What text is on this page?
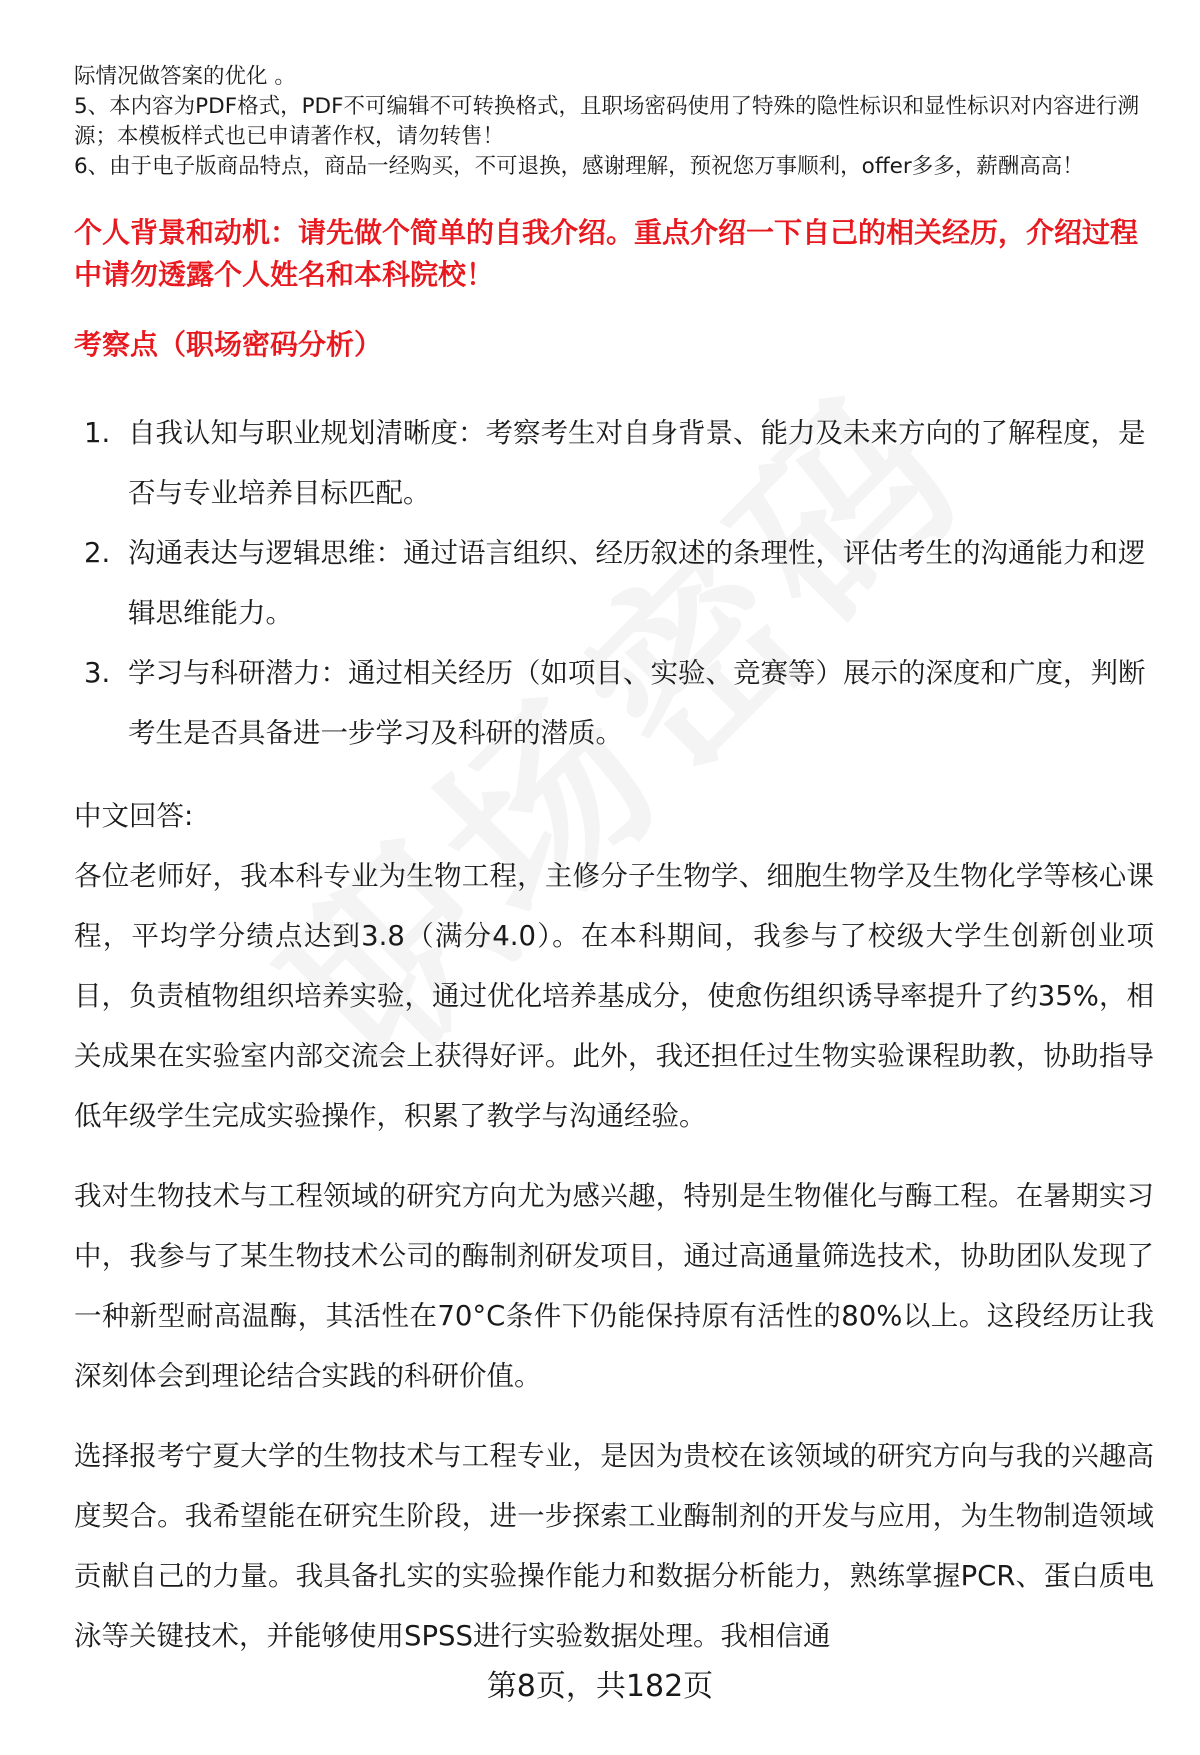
际情况做答案的优化 。

5、本内容为PDF格式，PDF不可编辑不可转换格式，且职场密码使用了特殊的隐性标识和显性标识对内容进行溯源；本模板样式也已申请著作权，请勿转售！

6、由于电子版商品特点，商品一经购买，不可退换，感谢理解，预祝您万事顺利，offer多多，薪酬高高！

个人背景和动机：请先做个简单的自我介绍。重点介绍一下自己的相关经历，介绍过程中请勿透露个人姓名和本科院校！
考察点（职场密码分析）
1. 自我认知与职业规划清晰度：考察考生对自身背景、能力及未来方向的了解程度，是否与专业培养目标匹配。
2. 沟通表达与逻辑思维：通过语言组织、经历叙述的条理性，评估考生的沟通能力和逻辑思维能力。
3. 学习与科研潜力：通过相关经历（如项目、实验、竞赛等）展示的深度和广度，判断考生是否具备进一步学习及科研的潜质。

中文回答:

各位老师好，我本科专业为生物工程，主修分子生物学、细胞生物学及生物化学等核心课程，平均学分绩点达到3.8（满分4.0）。在本科期间，我参与了校级大学生创新创业项目，负责植物组织培养实验，通过优化培养基成分，使愈伤组织诱导率提升了约35%，相关成果在实验室内部交流会上获得好评。此外，我还担任过生物实验课程助教，协助指导低年级学生完成实验操作，积累了教学与沟通经验。

我对生物技术与工程领域的研究方向尤为感兴趣，特别是生物催化与酶工程。在暑期实习中，我参与了某生物技术公司的酶制剂研发项目，通过高通量筛选技术，协助团队发现了一种新型耐高温酶，其活性在70°C条件下仍能保持原有活性的80%以上。这段经历让我深刻体会到理论结合实践的科研价值。

选择报考宁夏大学的生物技术与工程专业，是因为贵校在该领域的研究方向与我的兴趣高度契合。我希望能在研究生阶段，进一步探索工业酶制剂的开发与应用，为生物制造领域贡献自己的力量。我具备扎实的实验操作能力和数据分析能力，熟练掌握PCR、蛋白质电泳等关键技术，并能够使用SPSS进行实验数据处理。我相信通

第8页，共182页
